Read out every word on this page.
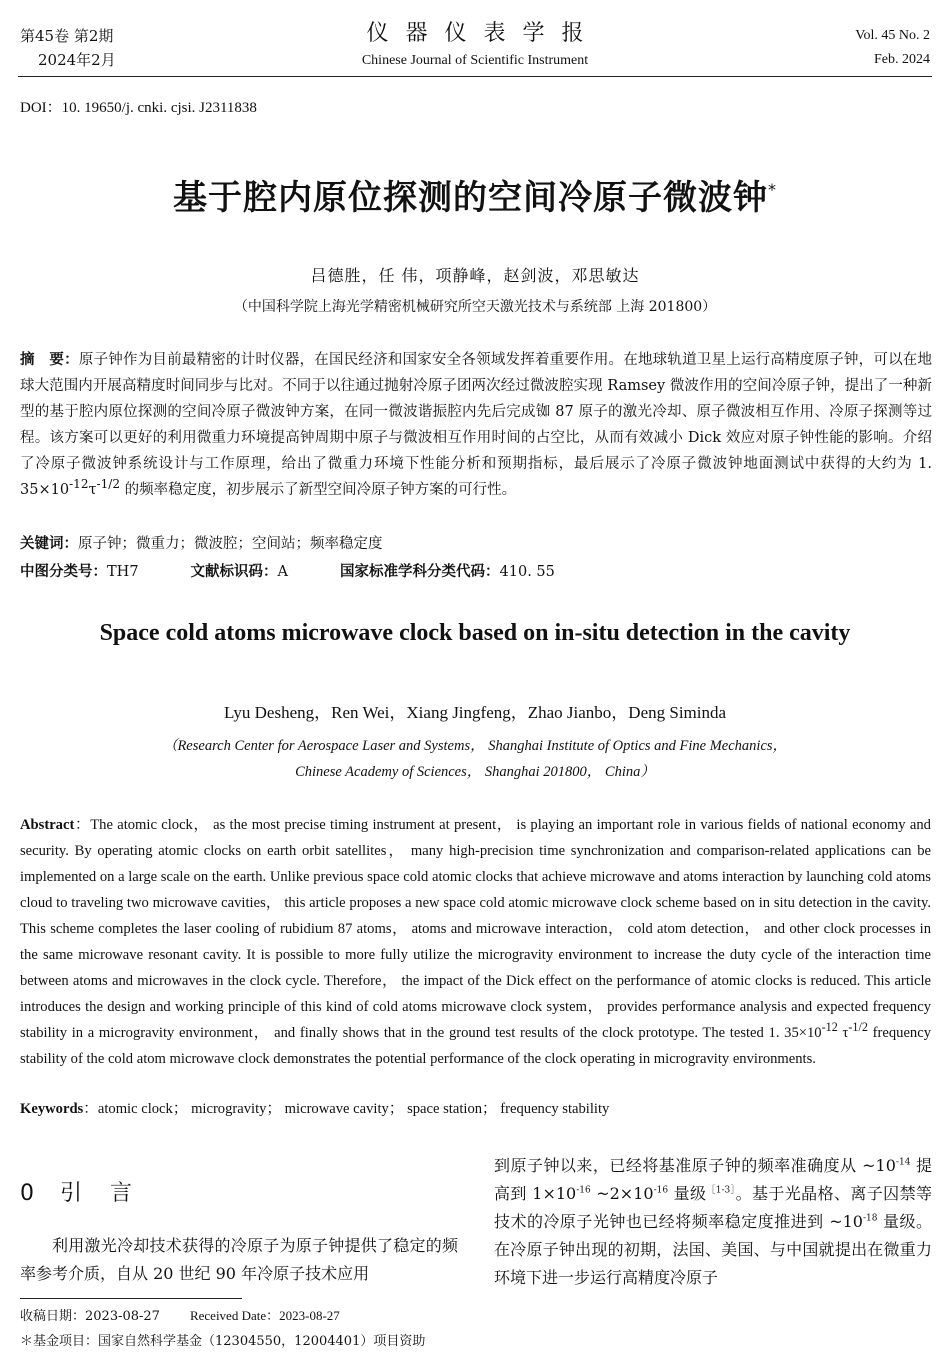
第45卷 第2期
2024年2月
仪器仪表学报
Chinese Journal of Scientific Instrument
Vol. 45 No. 2
Feb. 2024
DOI：10. 19650/j. cnki. cjsi. J2311838
基于腔内原位探测的空间冷原子微波钟*
吕德胜，任 伟，项静峰，赵剑波，邓思敏达
（中国科学院上海光学精密机械研究所空天激光技术与系统部 上海 201800）
摘　要：原子钟作为目前最精密的计时仪器，在国民经济和国家安全各领域发挥着重要作用。在地球轨道卫星上运行高精度原子钟，可以在地球大范围内开展高精度时间同步与比对。不同于以往通过抛射冷原子团两次经过微波腔实现 Ramsey 微波作用的空间冷原子钟，提出了一种新型的基于腔内原位探测的空间冷原子微波钟方案，在同一微波谐振腔内先后完成铷 87 原子的激光冷却、原子微波相互作用、冷原子探测等过程。该方案可以更好的利用微重力环境提高钟周期中原子与微波相互作用时间的占空比，从而有效减小 Dick 效应对原子钟性能的影响。介绍了冷原子微波钟系统设计与工作原理，给出了微重力环境下性能分析和预期指标，最后展示了冷原子微波钟地面测试中获得的大约为 1. $35\times 10^{-12}\tau^{-1/2}$ 的频率稳定度，初步展示了新型空间冷原子钟方案的可行性。
关键词：原子钟；微重力；微波腔；空间站；频率稳定度
中图分类号：TH7	文献标识码：A	国家标准学科分类代码：410. 55
Space cold atoms microwave clock based on in-situ detection in the cavity
Lyu Desheng，Ren Wei，Xiang Jingfeng，Zhao Jianbo，Deng Siminda
（Research Center for Aerospace Laser and Systems， Shanghai Institute of Optics and Fine Mechanics，
Chinese Academy of Sciences， Shanghai 201800， China）
Abstract：The atomic clock， as the most precise timing instrument at present， is playing an important role in various fields of national economy and security. By operating atomic clocks on earth orbit satellites， many high-precision time synchronization and comparison-related applications can be implemented on a large scale on the earth. Unlike previous space cold atomic clocks that achieve microwave and atoms interaction by launching cold atoms cloud to traveling two microwave cavities， this article proposes a new space cold atomic microwave clock scheme based on in situ detection in the cavity. This scheme completes the laser cooling of rubidium 87 atoms， atoms and microwave interaction， cold atom detection， and other clock processes in the same microwave resonant cavity. It is possible to more fully utilize the microgravity environment to increase the duty cycle of the interaction time between atoms and microwaves in the clock cycle. Therefore， the impact of the Dick effect on the performance of atomic clocks is reduced. This article introduces the design and working principle of this kind of cold atoms microwave clock system， provides performance analysis and expected frequency stability in a microgravity environment， and finally shows that in the ground test results of the clock prototype. The tested 1. $35\times 10^{-12}$ $\tau^{-1/2}$ frequency stability of the cold atom microwave clock demonstrates the potential performance of the clock operating in microgravity environments.
Keywords：atomic clock； microgravity； microwave cavity； space station； frequency stability
0 引言
利用激光冷却技术获得的冷原子为原子钟提供了稳定的频率参考介质，自从 20 世纪 90 年冷原子技术应用
到原子钟以来，已经将基准原子钟的频率准确度从 $\sim 10^{-14}$ 提高到 $1\times 10^{-16}$ $\sim 2\times 10^{-16}$ 量级$^{[1-3]}$。基于光晶格、离子囚禁等技术的冷原子光钟也已经将频率稳定度推进到 $\sim 10^{-18}$ 量级。在冷原子钟出现的初期，法国、美国、与中国就提出在微重力环境下进一步运行高精度冷原子
收稿日期：2023-08-27 Received Date：2023-08-27
＊基金项目：国家自然科学基金（12304550，12004401）项目资助
